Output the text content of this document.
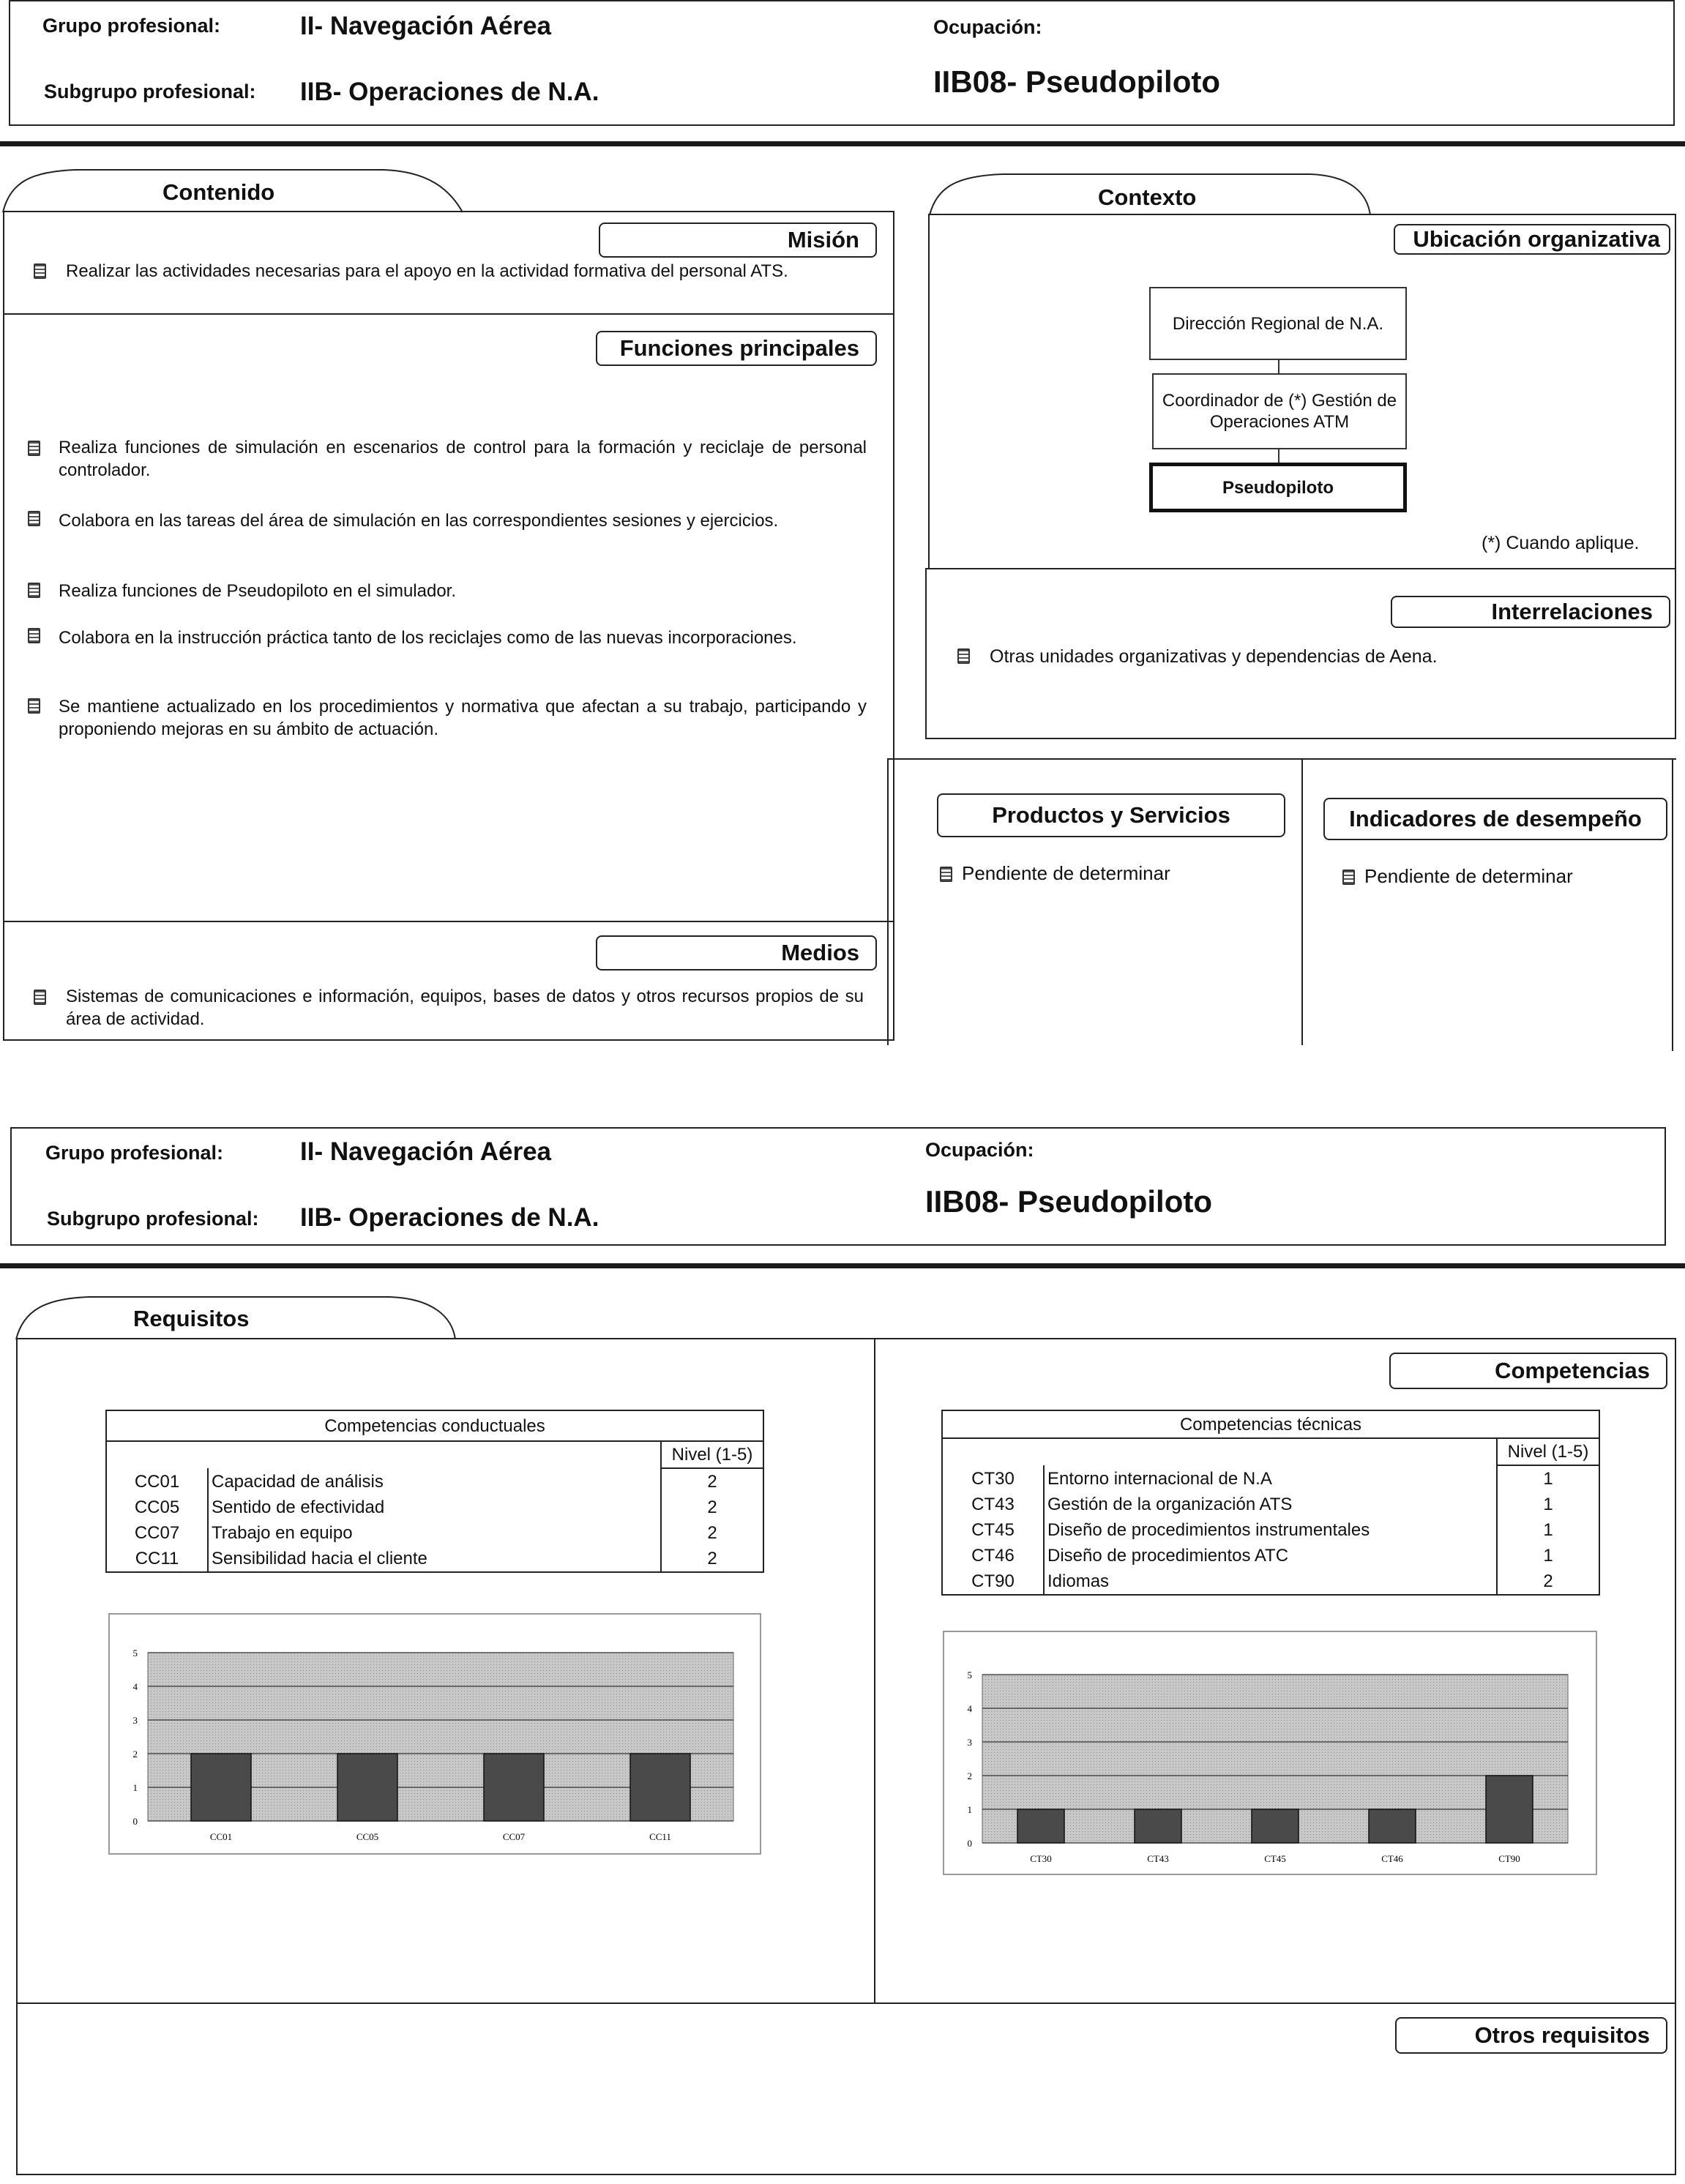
Grupo profesional:	II- Navegación Aérea	Ocupación:
Subgrupo profesional: IIB- Operaciones de N.A.	IIB08- Pseudopiloto
Contenido
Misión
Realizar las actividades necesarias para el apoyo en la actividad formativa del personal ATS.
Funciones principales
Realiza funciones de simulación en escenarios de control para la formación y reciclaje de personal controlador.
Colabora en las tareas del área de simulación en las correspondientes sesiones y ejercicios.
Realiza funciones de Pseudopiloto en el simulador.
Colabora en la instrucción práctica tanto de los reciclajes como de las nuevas incorporaciones.
Se mantiene actualizado en los procedimientos y normativa que afectan a su trabajo, participando y proponiendo mejoras en su ámbito de actuación.
Medios
Sistemas de comunicaciones e información, equipos, bases de datos y otros recursos propios de su área de actividad.
Contexto
Ubicación organizativa
Dirección Regional de N.A.
Coordinador de (*) Gestión de Operaciones ATM
Pseudopiloto
(*) Cuando aplique.
Interrelaciones
Otras unidades organizativas y dependencias de Aena.
Productos y Servicios
Pendiente de determinar
Indicadores de desempeño
Pendiente de determinar
Grupo profesional:	II- Navegación Aérea	Ocupación:
Subgrupo profesional: IIB- Operaciones de N.A.	IIB08- Pseudopiloto
Requisitos
Competencias
Otros requisitos
Competencias conductuales		
		Nivel (1-5)
CC01	Capacidad de análisis	2
CC05	Sentido de efectividad	2
CC07	Trabajo en equipo	2
CC11	Sensibilidad hacia el cliente	2
Competencias técnicas		
		Nivel (1-5)
CT30	Entorno internacional de N.A	1
CT43	Gestión de la organización ATS	1
CT45	Diseño de procedimientos instrumentales	1
CT46	Diseño de procedimientos ATC	1
CT90	Idiomas	2
0
1
2
3
4
5
CC01	CC05	CC07	CC11
0
1
2
3
4
5
CT30	CT43	CT45	CT46	CT90
